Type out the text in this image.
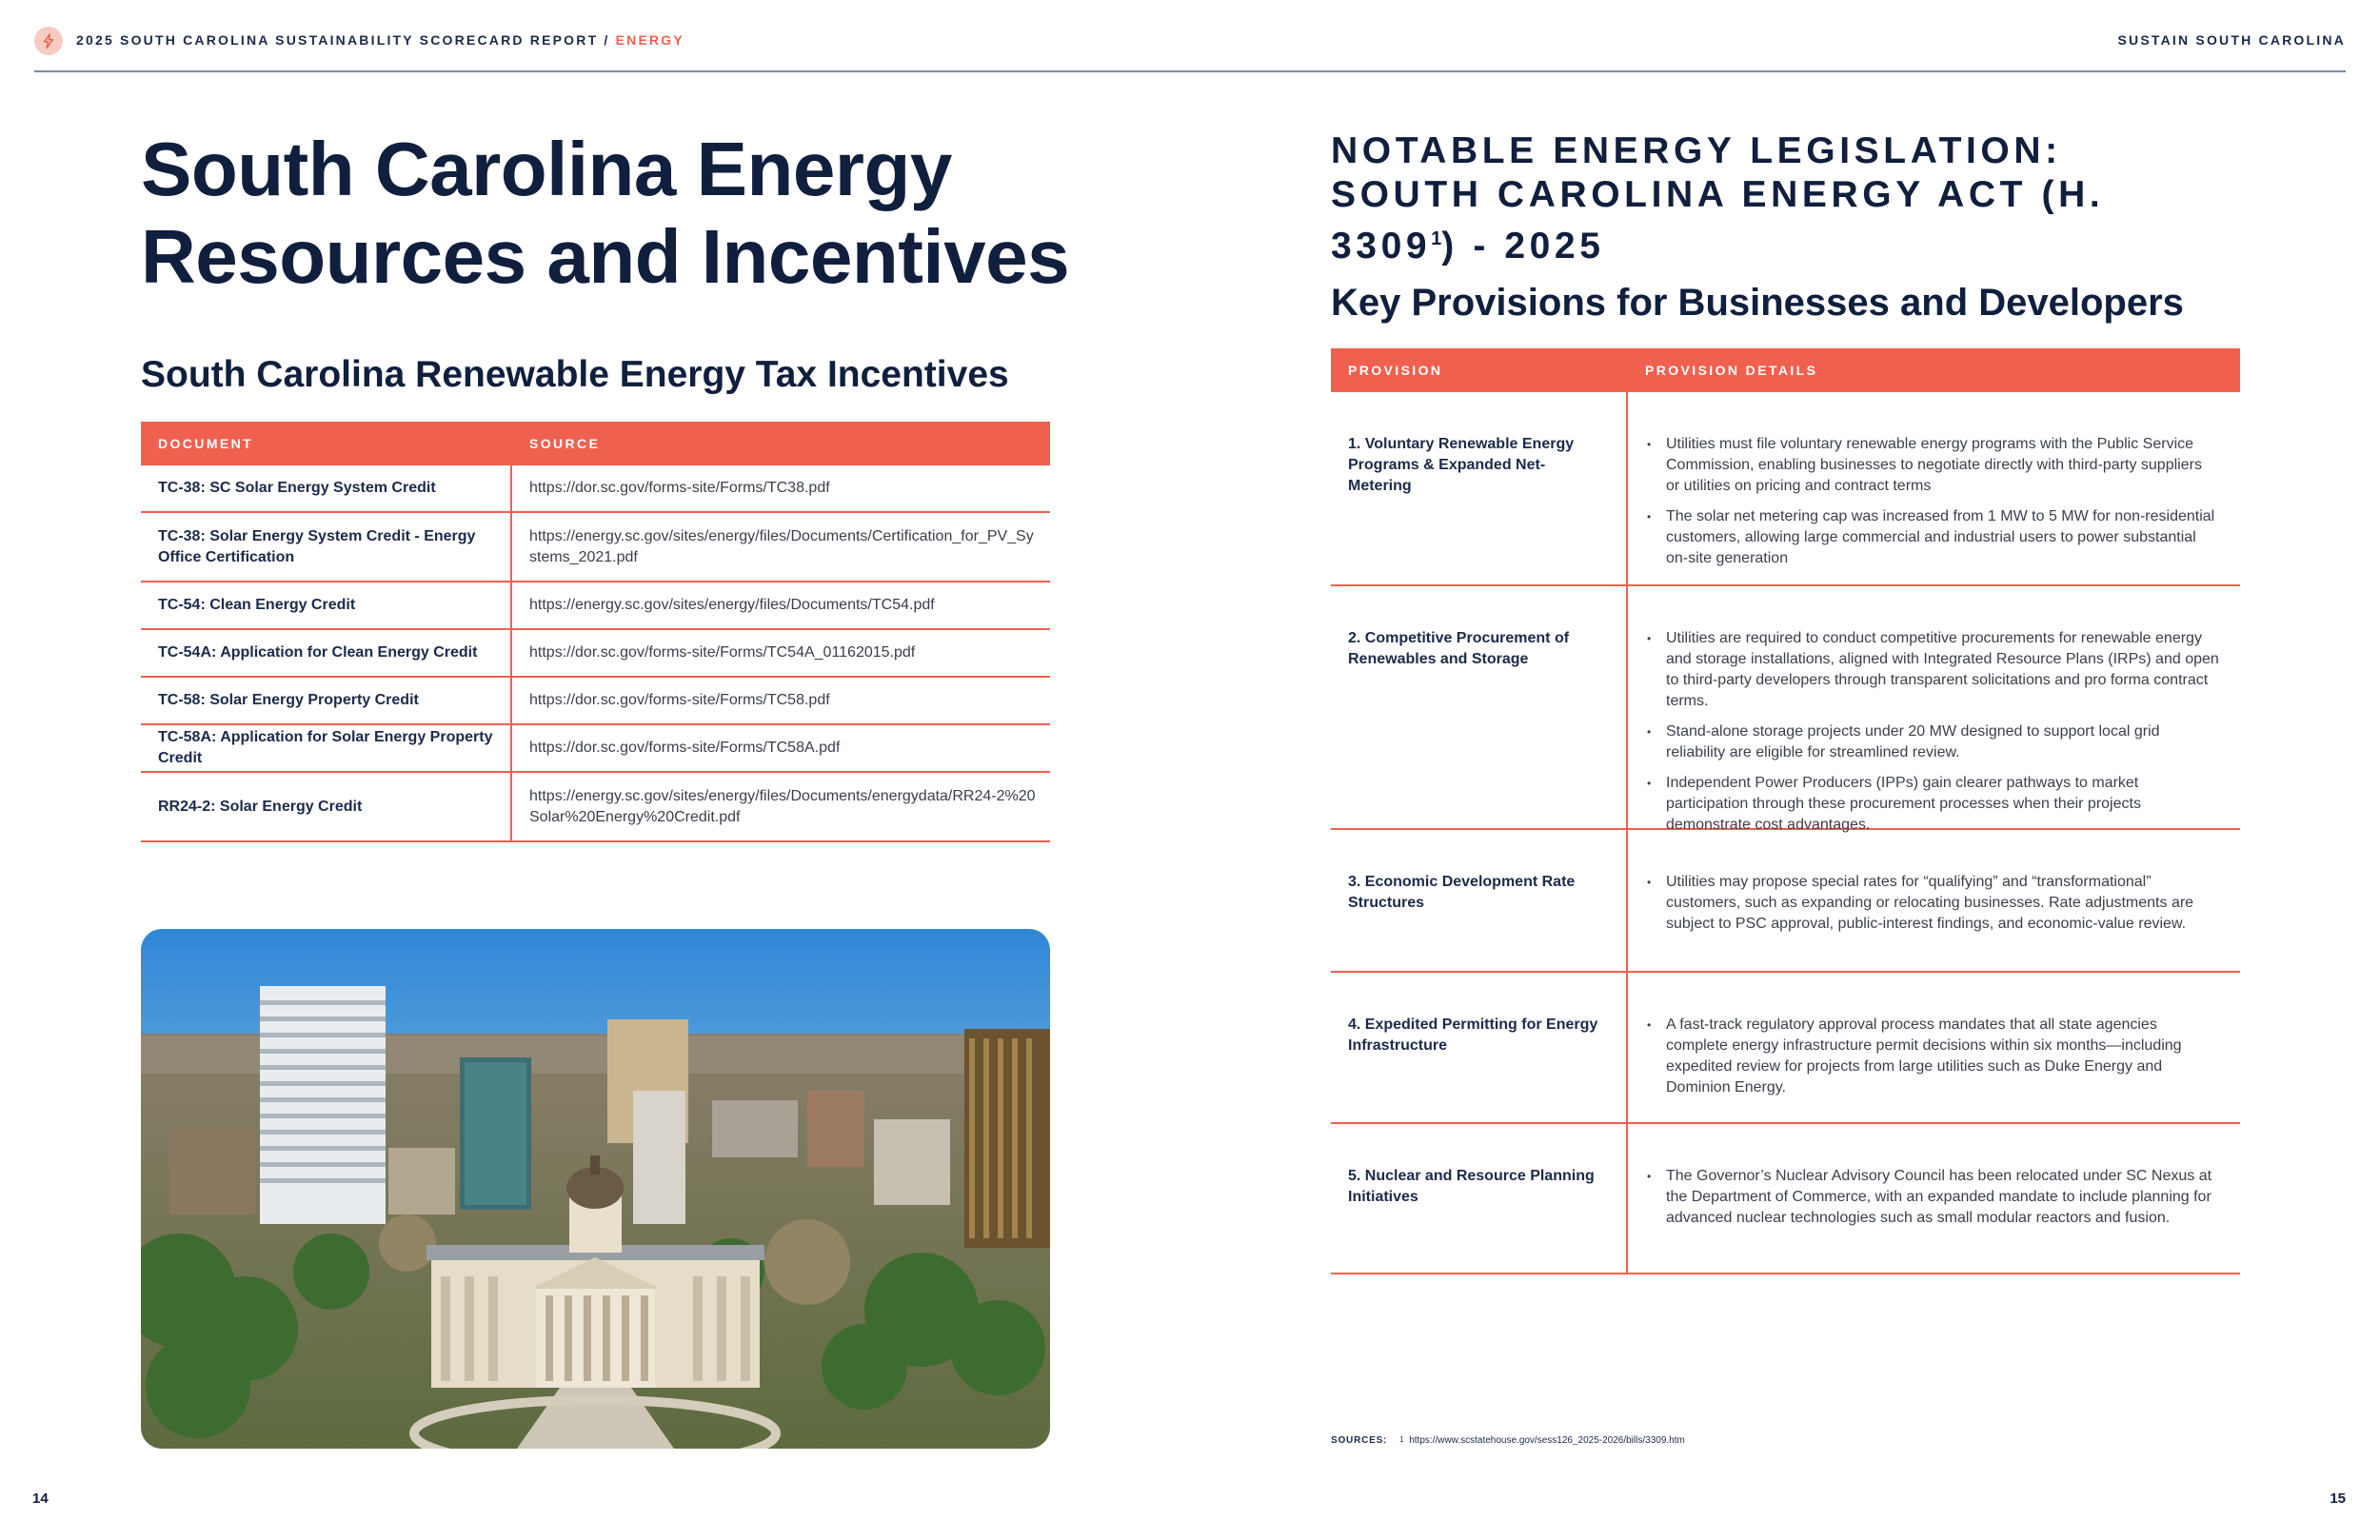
2025 SOUTH CAROLINA SUSTAINABILITY SCORECARD REPORT / ENERGY	SUSTAIN SOUTH CAROLINA
South Carolina Energy Resources and Incentives
South Carolina Renewable Energy Tax Incentives
DOCUMENT	SOURCE
TC-38: SC Solar Energy System Credit	https://dor.sc.gov/forms-site/Forms/TC38.pdf
TC-38: Solar Energy System Credit - Energy Office Certification
https://energy.sc.gov/sites/energy/files/Documents/Certification_for_PV_Systems_2021.pdf
TC-54: Clean Energy Credit	https://energy.sc.gov/sites/energy/files/Documents/TC54.pdf
TC-54A: Application for Clean Energy Credit	https://dor.sc.gov/forms-site/Forms/TC54A_01162015.pdf
TC-58: Solar Energy Property Credit	https://dor.sc.gov/forms-site/Forms/TC58.pdf
TC-58A: Application for Solar Energy Property Credit
https://dor.sc.gov/forms-site/Forms/TC58A.pdf
RR24-2: Solar Energy Credit
https://energy.sc.gov/sites/energy/files/Documents/energydata/RR24-2%20Solar%20Energy%20Credit.pdf
14
NOTABLE ENERGY LEGISLATION: SOUTH CAROLINA ENERGY ACT (H. 3309$^1$) - 2025
Key Provisions for Businesses and Developers
PROVISION	PROVISION DETAILS
1. Voluntary Renewable Energy Programs & Expanded Net-Metering
• Utilities must file voluntary renewable energy programs with the Public Service Commission, enabling businesses to negotiate directly with third-party suppliers or utilities on pricing and contract terms
• The solar net metering cap was increased from 1 MW to 5 MW for non-residential customers, allowing large commercial and industrial users to power substantial on-site generation
2. Competitive Procurement of Renewables and Storage
• Utilities are required to conduct competitive procurements for renewable energy and storage installations, aligned with Integrated Resource Plans (IRPs) and open to third-party developers through transparent solicitations and pro forma contract terms.
• Stand-alone storage projects under 20 MW designed to support local grid reliability are eligible for streamlined review.
• Independent Power Producers (IPPs) gain clearer pathways to market participation through these procurement processes when their projects demonstrate cost advantages.
3. Economic Development Rate Structures
• Utilities may propose special rates for “qualifying” and “transformational” customers, such as expanding or relocating businesses. Rate adjustments are subject to PSC approval, public-interest findings, and economic-value review.
4. Expedited Permitting for Energy Infrastructure
• A fast-track regulatory approval process mandates that all state agencies complete energy infrastructure permit decisions within six months—including expedited review for projects from large utilities such as Duke Energy and Dominion Energy.
5. Nuclear and Resource Planning Initiatives
• The Governor’s Nuclear Advisory Council has been relocated under SC Nexus at the Department of Commerce, with an expanded mandate to include planning for advanced nuclear technologies such as small modular reactors and fusion.
SOURCES: 1 https://www.scstatehouse.gov/sess126_2025-2026/bills/3309.htm
15
